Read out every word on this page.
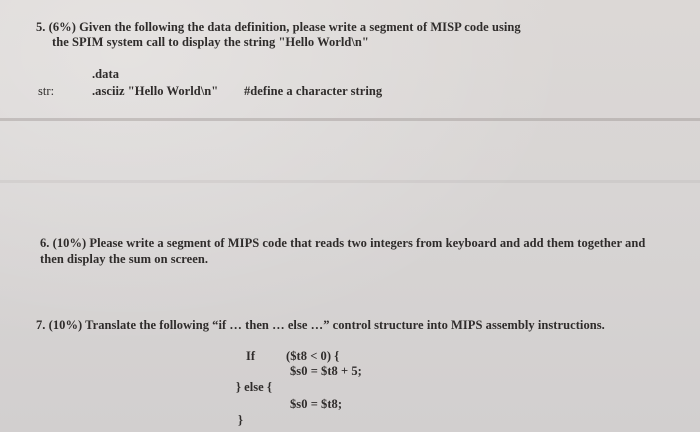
5. (6%) Given the following the data definition, please write a segment of MISP code using
the SPIM system call to display the string "Hello World\n"
.data
str:	.asciiz "Hello World\n" #define a character string
6. (10%) Please write a segment of MIPS code that reads two integers from keyboard and add them together and
then display the sum on screen.
7. (10%) Translate the following “if … then … else …” control structure into MIPS assembly instructions.
If ($t8 < 0) {
$s0 = $t8 + 5;
} else {
$s0 = $t8;
}
